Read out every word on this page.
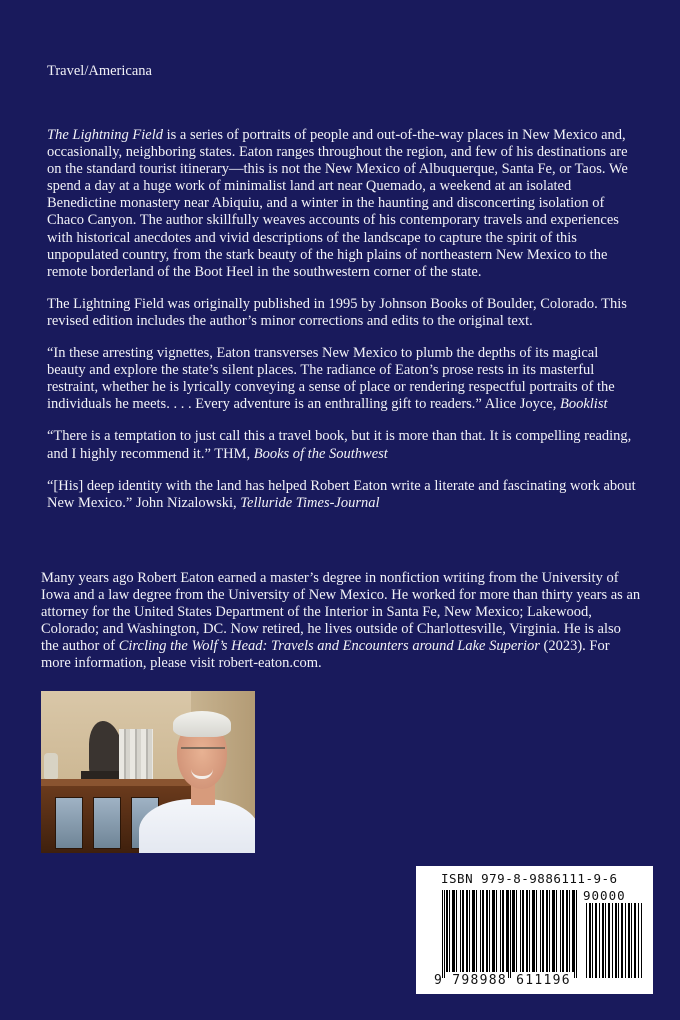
Travel/Americana

The Lightning Field is a series of portraits of people and out-of-the-way places in New Mexico and, occasionally, neighboring states. Eaton ranges throughout the region, and few of his destinations are on the standard tourist itinerary—this is not the New Mexico of Albuquerque, Santa Fe, or Taos. We spend a day at a huge work of minimalist land art near Quemado, a weekend at an isolated Benedictine monastery near Abiquiu, and a winter in the haunting and disconcerting isolation of Chaco Canyon. The author skillfully weaves accounts of his contemporary travels and experiences with historical anecdotes and vivid descriptions of the landscape to capture the spirit of this unpopulated country, from the stark beauty of the high plains of northeastern New Mexico to the remote borderland of the Boot Heel in the southwestern corner of the state.

The Lightning Field was originally published in 1995 by Johnson Books of Boulder, Colorado. This revised edition includes the author’s minor corrections and edits to the original text.

“In these arresting vignettes, Eaton transverses New Mexico to plumb the depths of its magical beauty and explore the state’s silent places. The radiance of Eaton’s prose rests in its masterful restraint, whether he is lyrically conveying a sense of place or rendering respectful portraits of the individuals he meets. . . . Every adventure is an enthralling gift to readers.” Alice Joyce, Booklist

“There is a temptation to just call this a travel book, but it is more than that. It is compelling reading, and I highly recommend it.” THM, Books of the Southwest

“[His] deep identity with the land has helped Robert Eaton write a literate and fascinating work about New Mexico.” John Nizalowski, Telluride Times-Journal

Many years ago Robert Eaton earned a master’s degree in nonfiction writing from the University of Iowa and a law degree from the University of New Mexico. He worked for more than thirty years as an attorney for the United States Department of the Interior in Santa Fe, New Mexico; Lakewood, Colorado; and Washington, DC. Now retired, he lives outside of Charlottesville, Virginia. He is also the author of Circling the Wolf’s Head: Travels and Encounters around Lake Superior (2023). For more information, please visit robert-eaton.com.

ISBN 979-8-9886111-9-6
90000
9 798988 611196
